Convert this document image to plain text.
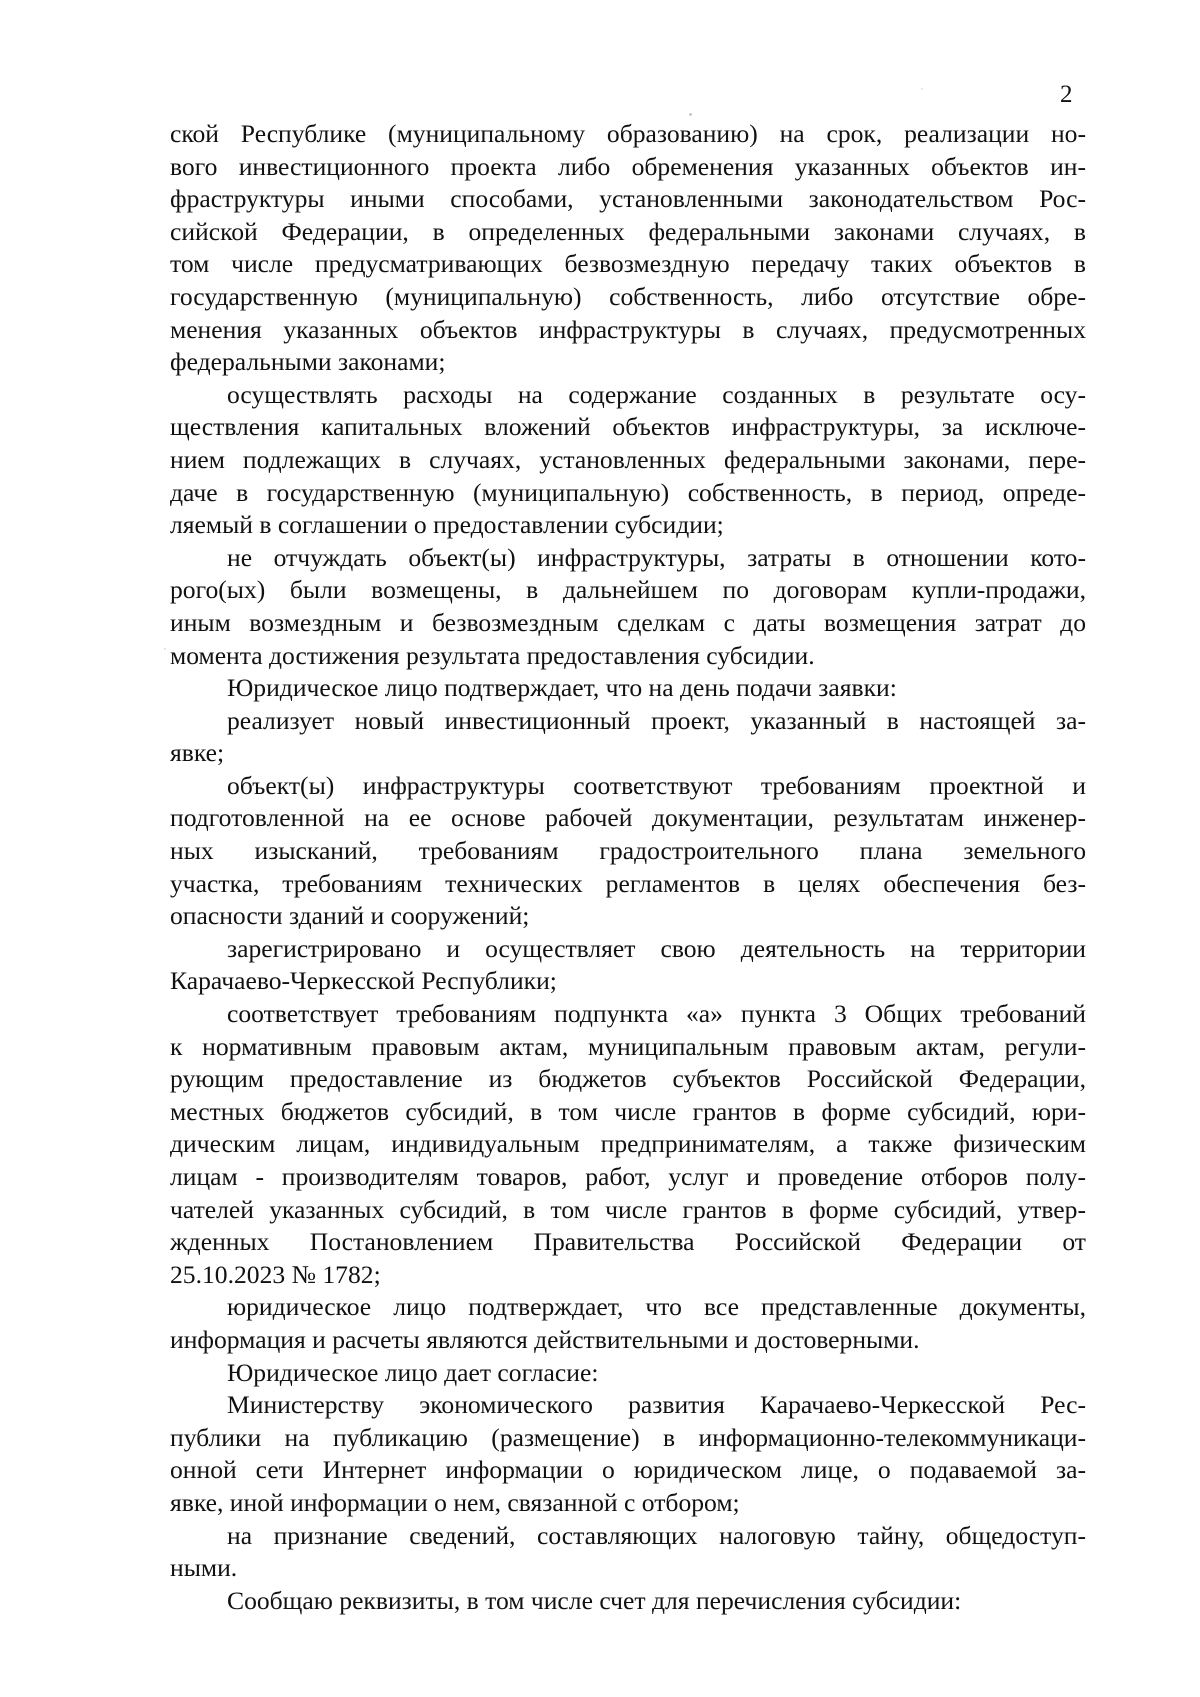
2

ской Республике (муниципальному образованию) на срок, реализации но-
вого инвестиционного проекта либо обременения указанных объектов ин-
фраструктуры иными способами, установленными законодательством Рос-
сийской Федерации, в определенных федеральными законами случаях, в
том числе предусматривающих безвозмездную передачу таких объектов в
государственную (муниципальную) собственность, либо отсутствие обре-
менения указанных объектов инфраструктуры в случаях, предусмотренных
федеральными законами;

осуществлять расходы на содержание созданных в результате осу-
ществления капитальных вложений объектов инфраструктуры, за исключе-
нием подлежащих в случаях, установленных федеральными законами, пере-
даче в государственную (муниципальную) собственность, в период, опреде-
ляемый в соглашении о предоставлении субсидии;

не отчуждать объект(ы) инфраструктуры, затраты в отношении кото-
рого(ых) были возмещены, в дальнейшем по договорам купли-продажи,
иным возмездным и безвозмездным сделкам с даты возмещения затрат до
момента достижения результата предоставления субсидии.

Юридическое лицо подтверждает, что на день подачи заявки:

реализует новый инвестиционный проект, указанный в настоящей за-
явке;

объект(ы) инфраструктуры соответствуют требованиям проектной и
подготовленной на ее основе рабочей документации, результатам инженер-
ных изысканий, требованиям градостроительного плана земельного
участка, требованиям технических регламентов в целях обеспечения без-
опасности зданий и сооружений;

зарегистрировано и осуществляет свою деятельность на территории
Карачаево-Черкесской Республики;

соответствует требованиям подпункта «а» пункта 3 Общих требований
к нормативным правовым актам, муниципальным правовым актам, регули-
рующим предоставление из бюджетов субъектов Российской Федерации,
местных бюджетов субсидий, в том числе грантов в форме субсидий, юри-
дическим лицам, индивидуальным предпринимателям, а также физическим
лицам - производителям товаров, работ, услуг и проведение отборов полу-
чателей указанных субсидий, в том числе грантов в форме субсидий, утвер-
жденных Постановлением Правительства Российской Федерации от
25.10.2023 № 1782;

юридическое лицо подтверждает, что все представленные документы,
информация и расчеты являются действительными и достоверными.

Юридическое лицо дает согласие:

Министерству экономического развития Карачаево-Черкесской Рес-
публики на публикацию (размещение) в информационно-телекоммуникаци-
онной сети Интернет информации о юридическом лице, о подаваемой за-
явке, иной информации о нем, связанной с отбором;

на признание сведений, составляющих налоговую тайну, общедоступ-
ными.

Сообщаю реквизиты, в том числе счет для перечисления субсидии:
